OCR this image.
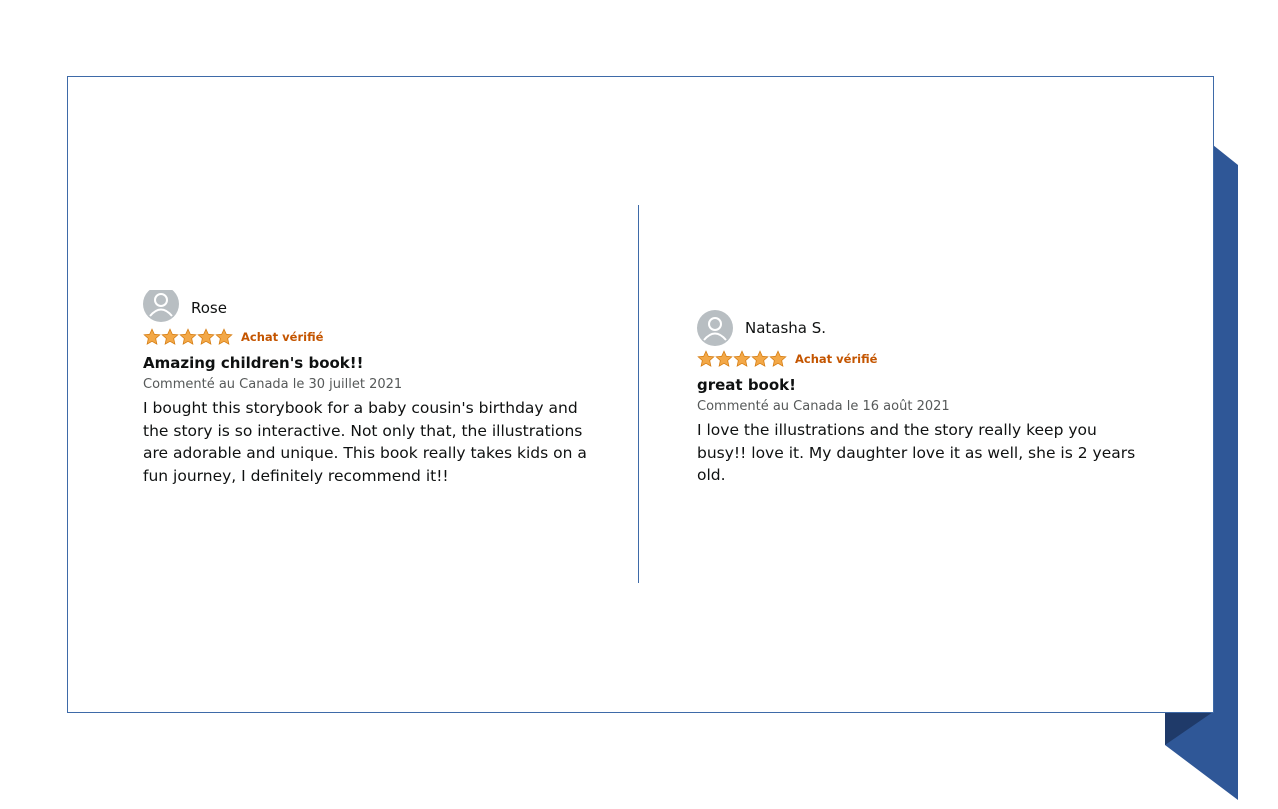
Rose
Achat vérifié
Amazing children's book!!
Commenté au Canada le 30 juillet 2021
I bought this storybook for a baby cousin's birthday and the story is so interactive. Not only that, the illustrations are adorable and unique. This book really takes kids on a fun journey, I definitely recommend it!!
Natasha S.
Achat vérifié
great book!
Commenté au Canada le 16 août 2021
I love the illustrations and the story really keep you busy!! love it. My daughter love it as well, she is 2 years old.
